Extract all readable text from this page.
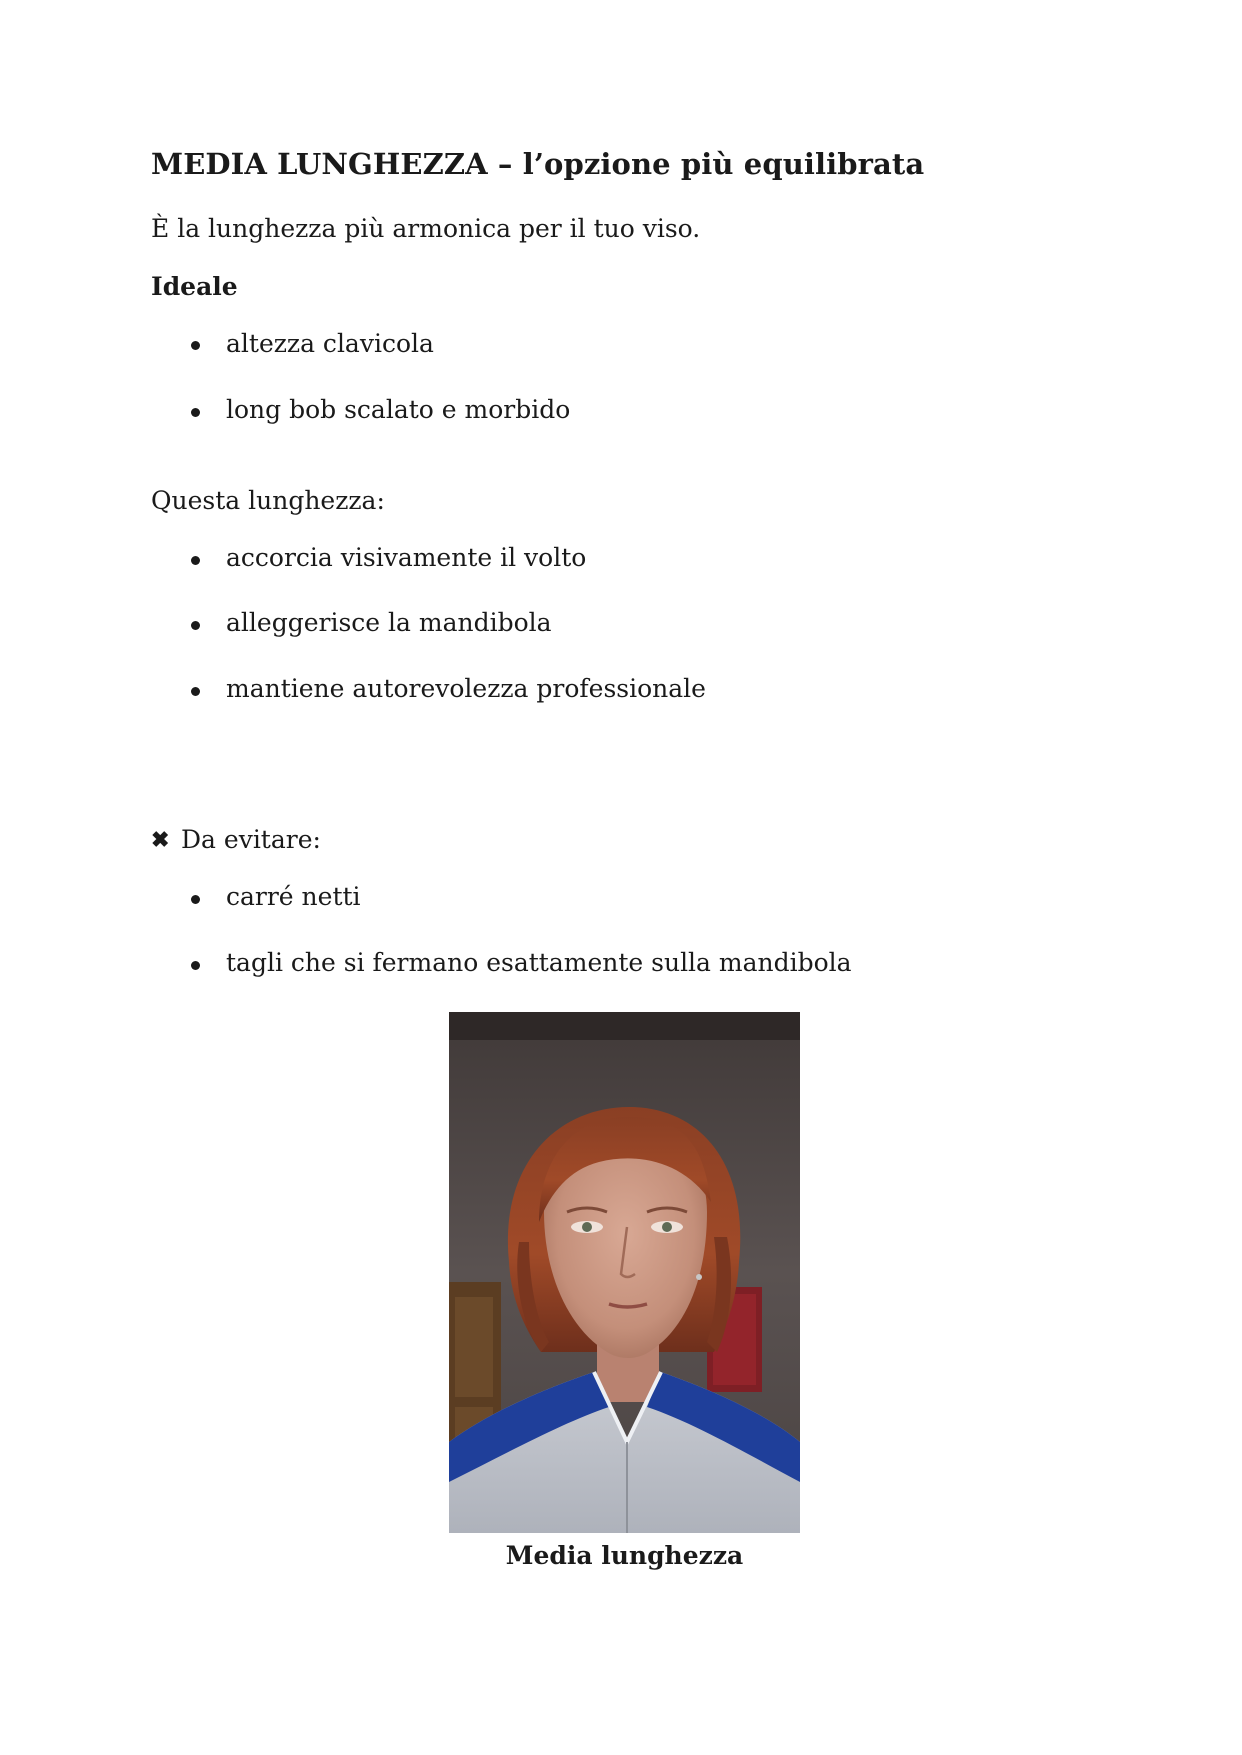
MEDIA LUNGHEZZA – l’opzione più equilibrata
È la lunghezza più armonica per il tuo viso.
Ideale
altezza clavicola
long bob scalato e morbido
Questa lunghezza:
accorcia visivamente il volto
alleggerisce la mandibola
mantiene autorevolezza professionale
✖ Da evitare:
carré netti
tagli che si fermano esattamente sulla mandibola
Media lunghezza
